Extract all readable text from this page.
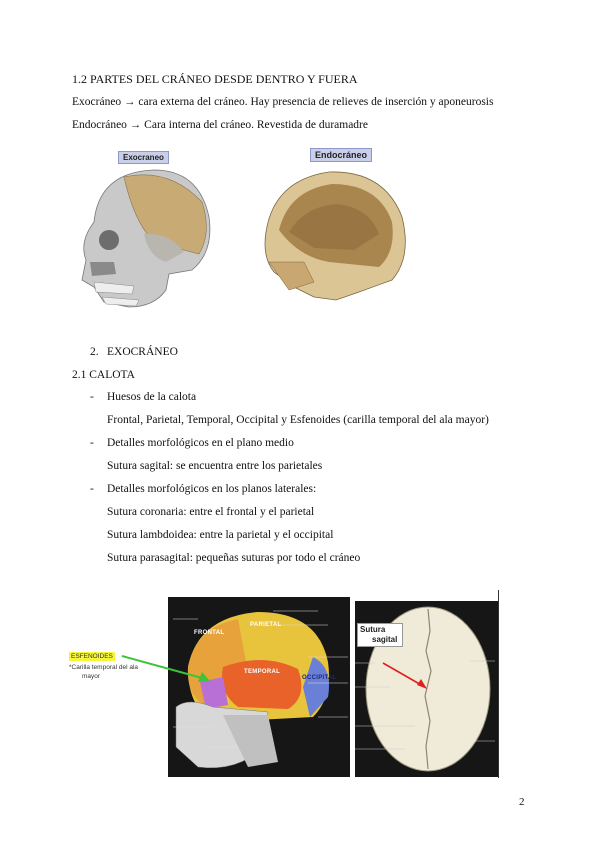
1.2 PARTES DEL CRÁNEO DESDE DENTRO Y FUERA
Exocráneo → cara externa del cráneo. Hay presencia de relieves de inserción y aponeurosis
Endocráneo → Cara interna del cráneo. Revestida de duramadre
Exocraneo	Endocráneo
2. EXOCRÁNEO
2.1 CALOTA
- Huesos de la calota
Frontal, Parietal, Temporal, Occipital y Esfenoides (carilla temporal del ala mayor)
- Detalles morfológicos en el plano medio
Sutura sagital: se encuentra entre los parietales
- Detalles morfológicos en los planos laterales:
Sutura coronaria: entre el frontal y el parietal
Sutura lambdoidea: entre la parietal y el occipital
Sutura parasagital: pequeñas suturas por todo el cráneo
FRONTAL
PARIETAL
TEMPORAL
OCCIPITAL
ESFENOIDES
*Carilla temporal del ala
mayor
Sutura
sagital
2
